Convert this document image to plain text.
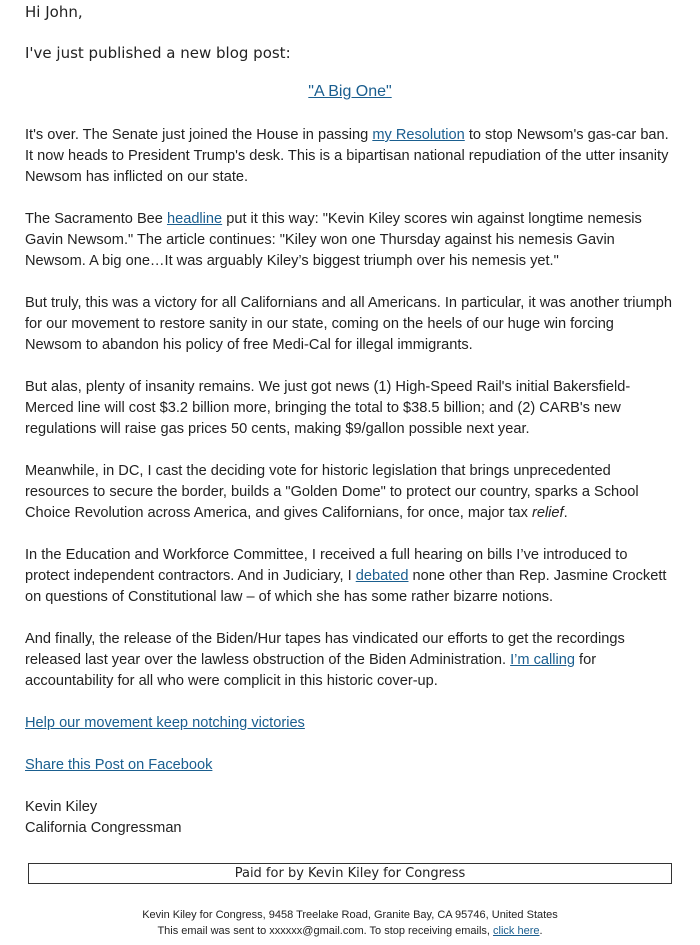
Hi John,
I've just published a new blog post:
"A Big One"

It's over. The Senate just joined the House in passing my Resolution to stop Newsom's gas-car ban. It now heads to President Trump's desk. This is a bipartisan national repudiation of the utter insanity Newsom has inflicted on our state.

The Sacramento Bee headline put it this way: "Kevin Kiley scores win against longtime nemesis Gavin Newsom." The article continues: "Kiley won one Thursday against his nemesis Gavin Newsom. A big one…It was arguably Kiley’s biggest triumph over his nemesis yet."

But truly, this was a victory for all Californians and all Americans. In particular, it was another triumph for our movement to restore sanity in our state, coming on the heels of our huge win forcing Newsom to abandon his policy of free Medi-Cal for illegal immigrants.

But alas, plenty of insanity remains. We just got news (1) High-Speed Rail's initial Bakersfield-Merced line will cost $3.2 billion more, bringing the total to $38.5 billion; and (2) CARB's new regulations will raise gas prices 50 cents, making $9/gallon possible next year.

Meanwhile, in DC, I cast the deciding vote for historic legislation that brings unprecedented resources to secure the border, builds a "Golden Dome" to protect our country, sparks a School Choice Revolution across America, and gives Californians, for once, major tax relief.

In the Education and Workforce Committee, I received a full hearing on bills I’ve introduced to protect independent contractors. And in Judiciary, I debated none other than Rep. Jasmine Crockett on questions of Constitutional law – of which she has some rather bizarre notions.

And finally, the release of the Biden/Hur tapes has vindicated our efforts to get the recordings released last year over the lawless obstruction of the Biden Administration. I’m calling for accountability for all who were complicit in this historic cover-up.

Help our movement keep notching victories

Share this Post on Facebook

Kevin Kiley

California Congressman

Paid for by Kevin Kiley for Congress
Kevin Kiley for Congress, 9458 Treelake Road, Granite Bay, CA 95746, United States
This email was sent to xxxxxx@gmail.com. To stop receiving emails, click here.
